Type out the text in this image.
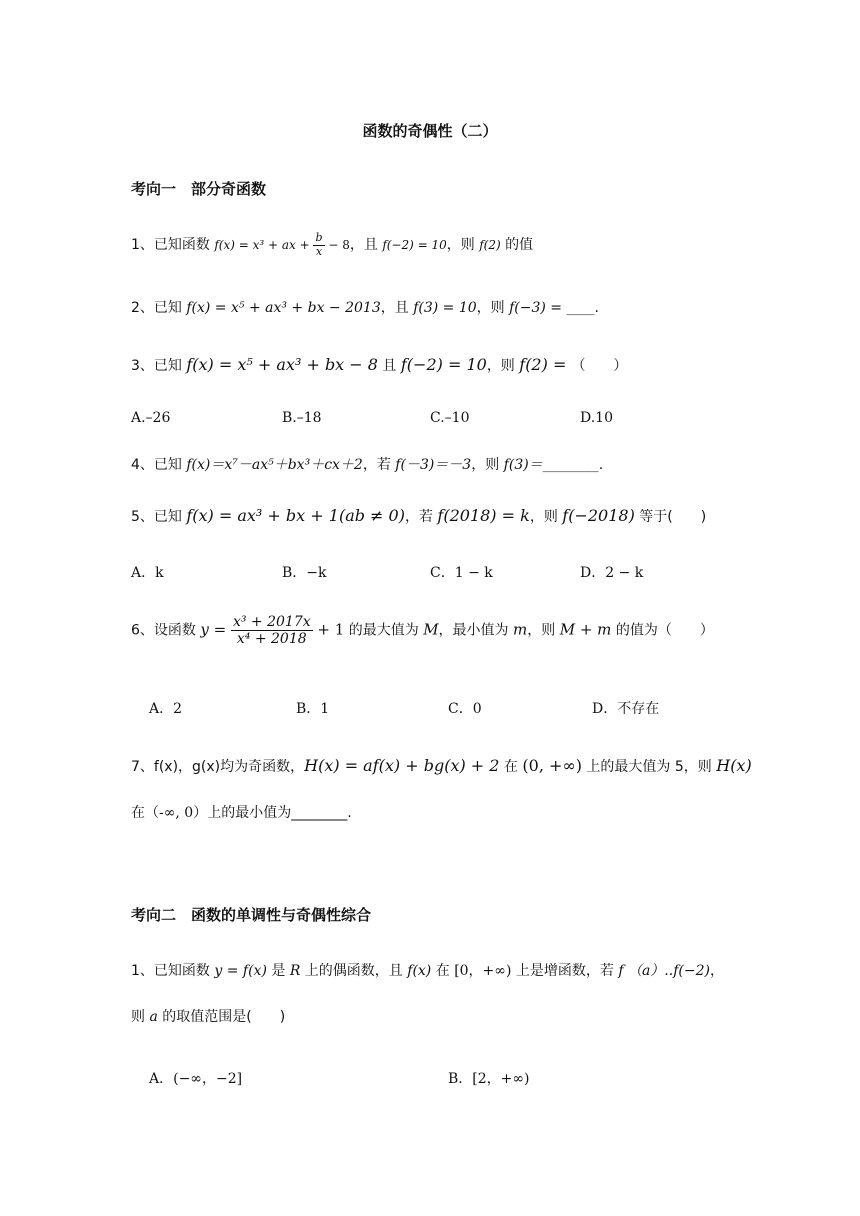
函数的奇偶性（二）
考向一　部分奇函数
1、已知函数 f(x) = x³ + ax + $\frac{b}{x} - 8$，且 f(−2) = 10，则 f(2) 的值
2、已知 f(x) = x⁵ + ax³ + bx − 2013，且 f(3) = 10，则 f(−3) = ____.
3、已知 f(x) = x⁵ + ax³ + bx − 8 且 f(−2) = 10，则 f(2) = （　　）
A.–26	B.–18	C.–10	D.10
4、已知 f(x)＝x⁷－ax⁵＋bx³＋cx＋2，若 f(－3)＝－3，则 f(3)＝________.
5、已知 f(x) = ax³ + bx + 1(ab ≠ 0)，若 f(2018) = k，则 f(−2018) 等于(　　)
A．k	B．−k	C．1 − k	D．2 − k
6、设函数 $y = \frac{\text{x³ + 2017x}}{\text{x⁴ + 2018}} + 1$ 的最大值为 M，最小值为 m，则 M + m 的值为（　　）
A．2	B．1	C．0	D．不存在
7、f(x)，g(x)均为奇函数，H(x) = af(x) + bg(x) + 2 在 (0, +∞) 上的最大值为 5，则 H(x)
在（-∞, 0）上的最小值为________.
考向二　函数的单调性与奇偶性综合
1、已知函数 y = f(x) 是 R 上的偶函数，且 f(x) 在 [0，+∞) 上是增函数，若 f （a）..f(−2)，
则 a 的取值范围是(　　)
A．(−∞，−2]	B．[2，+∞)
